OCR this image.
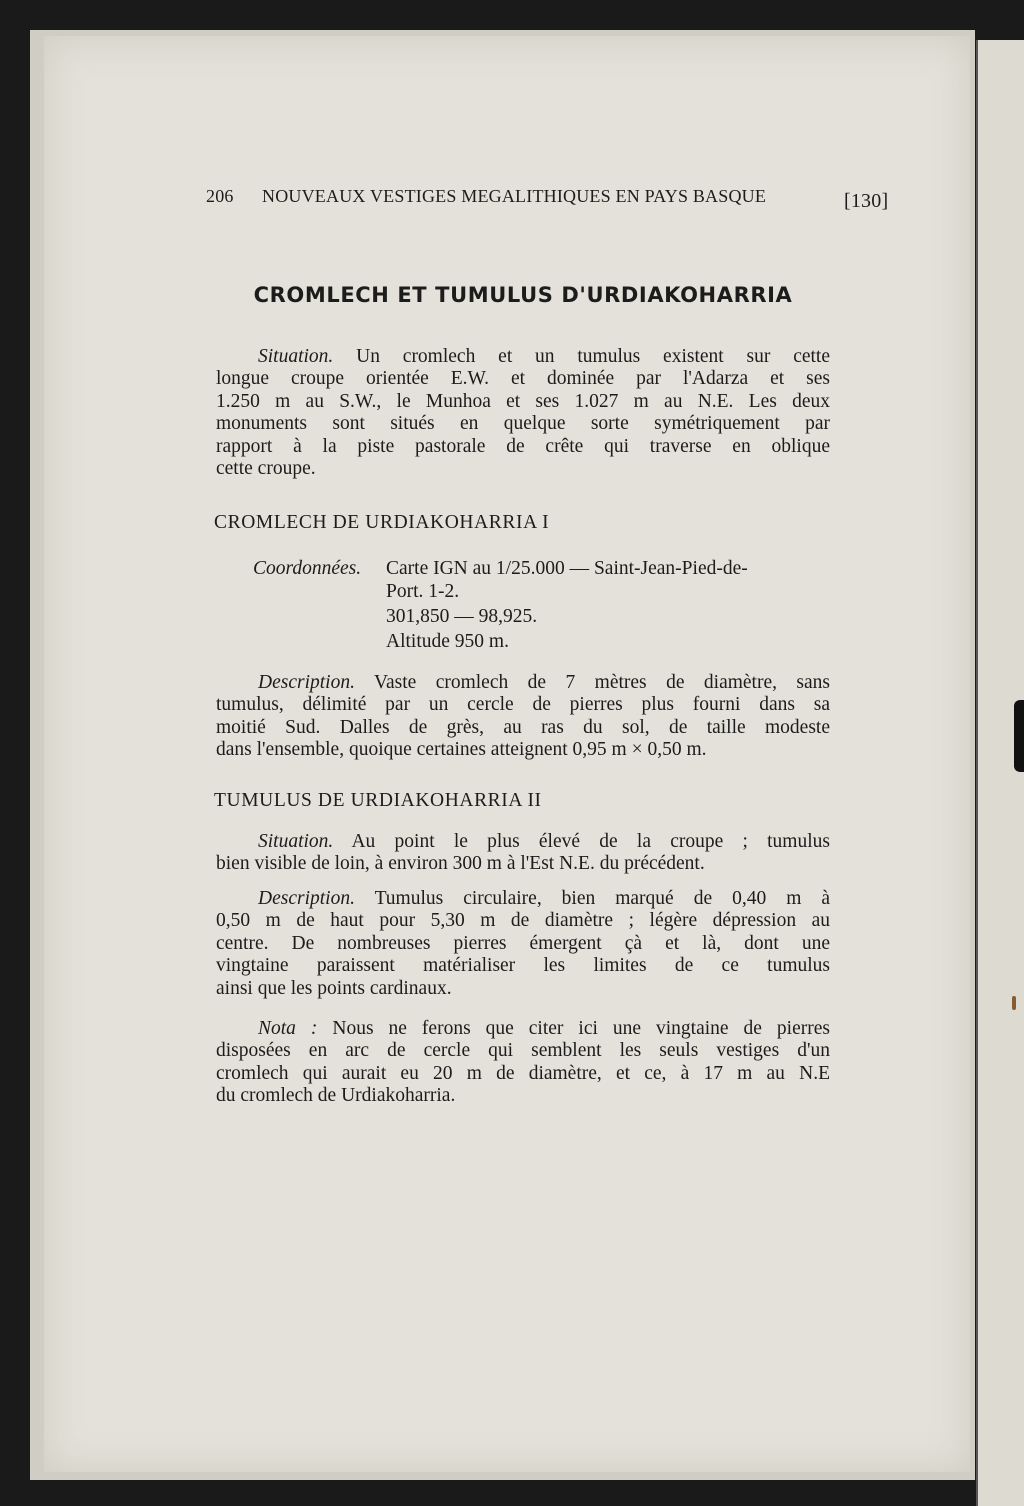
206 NOUVEAUX VESTIGES MEGALITHIQUES EN PAYS BASQUE	[130]
CROMLECH ET TUMULUS D'URDIAKOHARRIA
Situation. Un cromlech et un tumulus existent sur cette
longue croupe orientée E.W. et dominée par l'Adarza et ses
1.250 m au S.W., le Munhoa et ses 1.027 m au N.E. Les deux
monuments sont situés en quelque sorte symétriquement par
rapport à la piste pastorale de crête qui traverse en oblique
cette croupe.
CROMLECH DE URDIAKOHARRIA I
Coordonnées. Carte IGN au 1/25.000 — Saint-Jean-Pied-de-
Port. 1-2.
301,850 — 98,925.
Altitude 950 m.
Description. Vaste cromlech de 7 mètres de diamètre, sans
tumulus, délimité par un cercle de pierres plus fourni dans sa
moitié Sud. Dalles de grès, au ras du sol, de taille modeste
dans l'ensemble, quoique certaines atteignent 0,95 m × 0,50 m.
TUMULUS DE URDIAKOHARRIA II
Situation. Au point le plus élevé de la croupe ; tumulus
bien visible de loin, à environ 300 m à l'Est N.E. du précédent.
Description. Tumulus circulaire, bien marqué de 0,40 m à
0,50 m de haut pour 5,30 m de diamètre ; légère dépression au
centre. De nombreuses pierres émergent çà et là, dont une
vingtaine paraissent matérialiser les limites de ce tumulus
ainsi que les points cardinaux.
Nota : Nous ne ferons que citer ici une vingtaine de pierres
disposées en arc de cercle qui semblent les seuls vestiges d'un
cromlech qui aurait eu 20 m de diamètre, et ce, à 17 m au N.E
du cromlech de Urdiakoharria.
